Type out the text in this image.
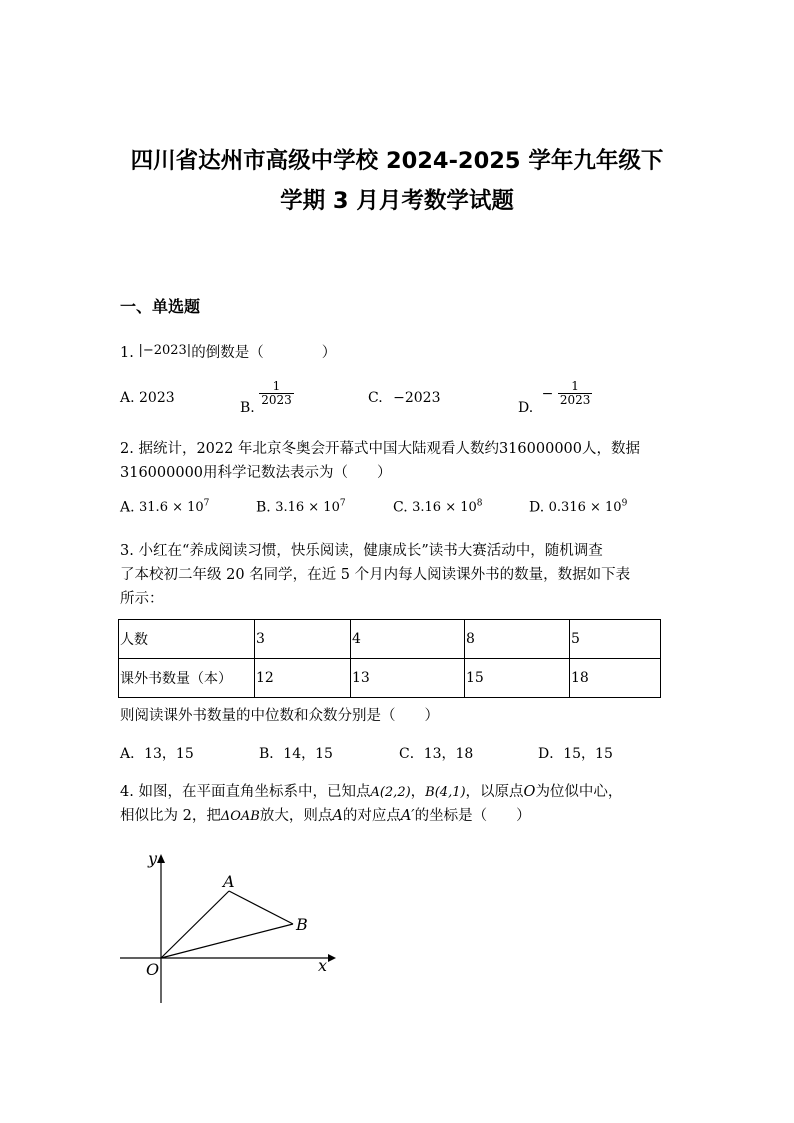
四川省达州市高级中学校 2024-2025 学年九年级下
学期 3 月月考数学试题
一、单选题
1. |−2023|的倒数是（　　　　）
A. 2023
B.
$\frac{1}{2023}$	C. −2023
D. − $\frac{1}{2023}$
2. 据统计，2022 年北京冬奥会开幕式中国大陆观看人数约316000000人，数据
316000000用科学记数法表示为（　　）
A. $31.6 \times 10^7$	B. $3.16 \times 10^7$	C. $3.16 \times 10^8$	D. $0.316 \times 10^9$
3. 小红在“养成阅读习惯，快乐阅读，健康成长”读书大赛活动中，随机调查
了本校初二年级 20 名同学，在近 5 个月内每人阅读课外书的数量，数据如下表
所示：
人数	3	4	8	5
课外书数量（本）	12	13	15	18
则阅读课外书数量的中位数和众数分别是（　　）
A．13，15	B．14，15	C．13，18	D．15，15
4. 如图，在平面直角坐标系中，已知点A(2,2)，B(4,1)，以原点O为位似中心，
相似比为 2，把ΔOAB放大，则点A的对应点A′的坐标是（　　）
y
x
O
A
B
